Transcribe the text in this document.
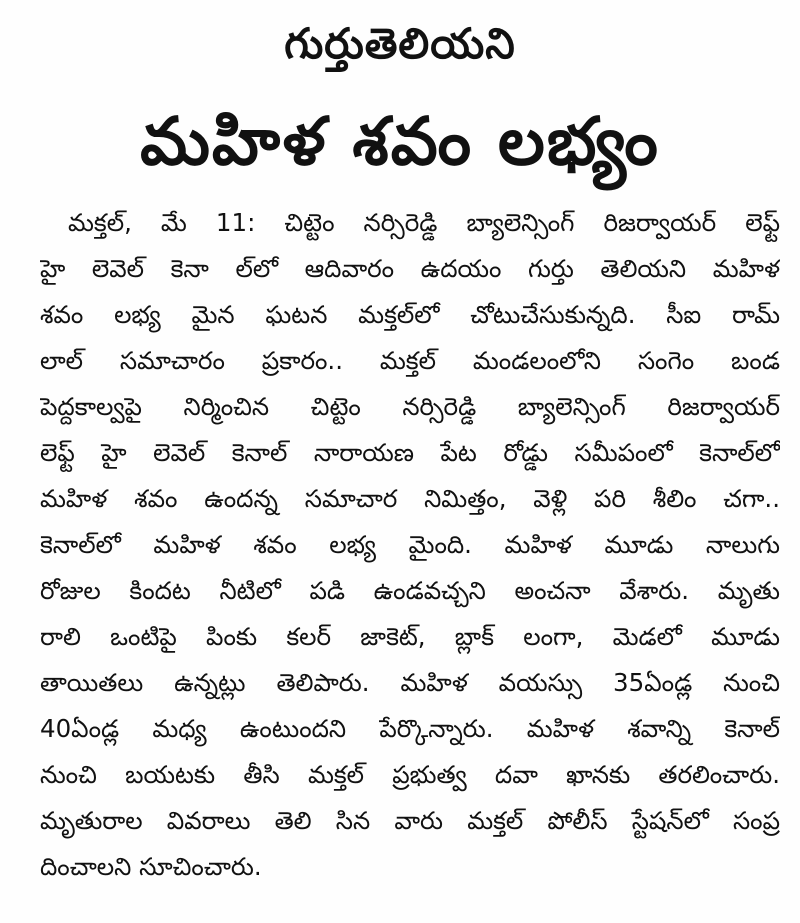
గుర్తుతెలియని
మహిళ శవం లభ్యం
మక్తల్, మే 11: చిట్టెం నర్సిరెడ్డి బ్యాలెన్సింగ్ రిజర్వాయర్ లెఫ్ట్
హై లెవెల్ కెనా ల్‌లో ఆదివారం ఉదయం గుర్తు తెలియని మహిళ
శవం లభ్య మైన ఘటన మక్తల్‌లో చోటుచేసుకున్నది. సీఐ రామ్
లాల్ సమాచారం ప్రకారం.. మక్తల్ మండలంలోని సంగెం బండ
పెద్దకాల్వపై నిర్మించిన చిట్టెం నర్సిరెడ్డి బ్యాలెన్సింగ్ రిజర్వాయర్
లెఫ్ట్ హై లెవెల్ కెనాల్ నారాయణ పేట రోడ్డు సమీపంలో కెనాల్‌లో
మహిళ శవం ఉందన్న సమాచార నిమిత్తం, వెళ్లి పరి శీలిం చగా..
కెనాల్‌లో మహిళ శవం లభ్య మైంది. మహిళ మూడు నాలుగు
రోజుల కిందట నీటిలో పడి ఉండవచ్చని అంచనా వేశారు. మృతు
రాలి ఒంటిపై పింకు కలర్ జాకెట్, బ్లాక్ లంగా, మెడలో మూడు
తాయితలు ఉన్నట్లు తెలిపారు. మహిళ వయస్సు 35ఏండ్ల నుంచి
40ఏండ్ల మధ్య ఉంటుందని పేర్కొన్నారు. మహిళ శవాన్ని కెనాల్
నుంచి బయటకు తీసి మక్తల్ ప్రభుత్వ దవా ఖానకు తరలించారు.
మృతురాల వివరాలు తెలి సిన వారు మక్తల్ పోలీస్ స్టేషన్‌లో సంప్ర
దించాలని సూచించారు.
